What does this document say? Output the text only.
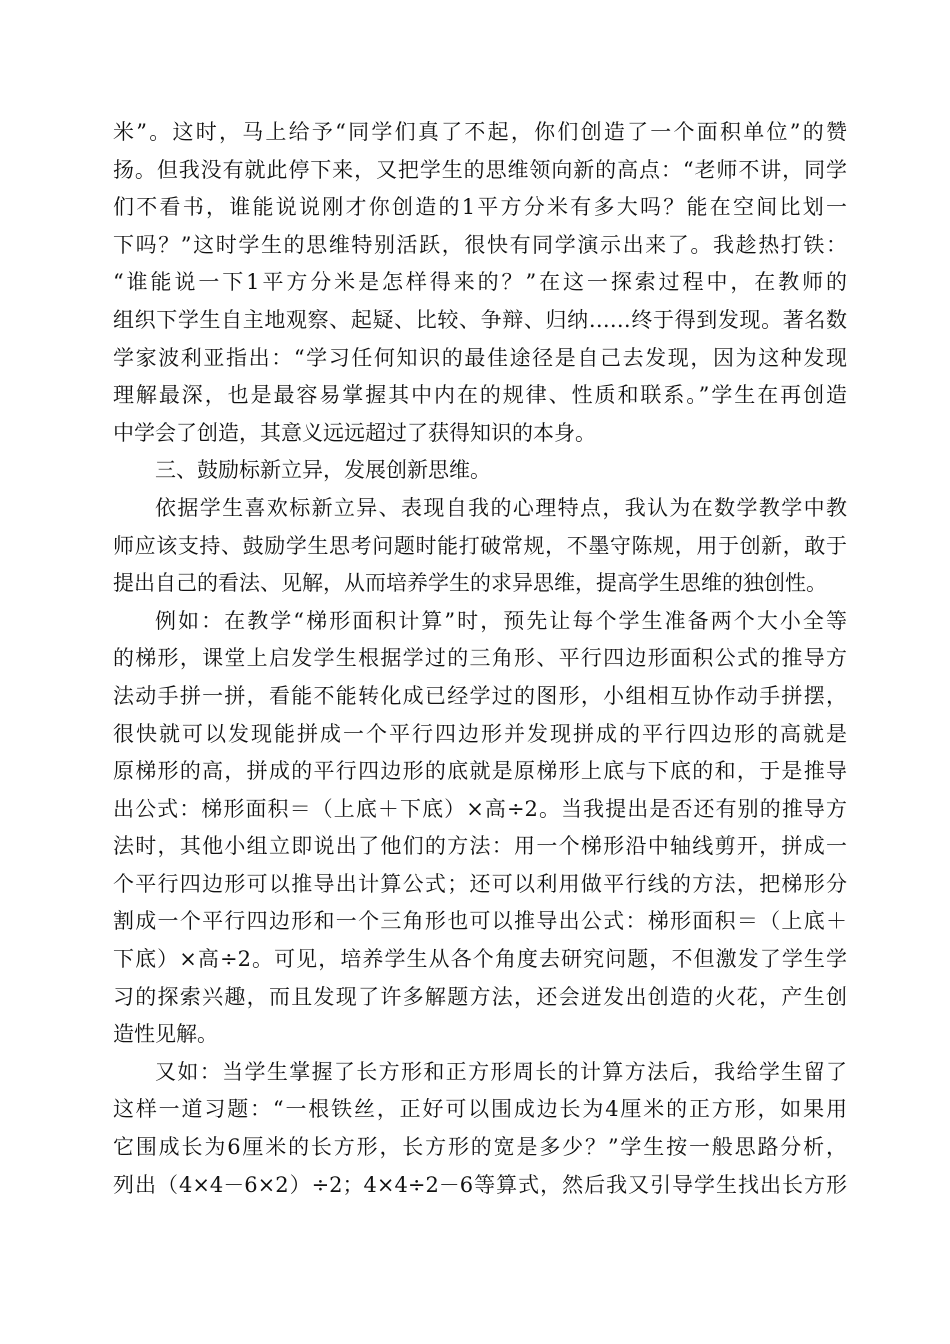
米”。这时，马上给予“同学们真了不起，你们创造了一个面积单位”的赞
扬。但我没有就此停下来，又把学生的思维领向新的高点：“老师不讲，同学
们不看书，谁能说说刚才你创造的1平方分米有多大吗？能在空间比划一
下吗？”这时学生的思维特别活跃，很快有同学演示出来了。我趁热打铁：
“谁能说一下1平方分米是怎样得来的？”在这一探索过程中，在教师的
组织下学生自主地观察、起疑、比较、争辩、归纳……终于得到发现。著名数
学家波利亚指出：“学习任何知识的最佳途径是自己去发现，因为这种发现
理解最深，也是最容易掌握其中内在的规律、性质和联系。”学生在再创造
中学会了创造，其意义远远超过了获得知识的本身。
三、鼓励标新立异，发展创新思维。
依据学生喜欢标新立异、表现自我的心理特点，我认为在数学教学中教
师应该支持、鼓励学生思考问题时能打破常规，不墨守陈规，用于创新，敢于
提出自己的看法、见解，从而培养学生的求异思维，提高学生思维的独创性。
例如：在教学“梯形面积计算”时，预先让每个学生准备两个大小全等
的梯形，课堂上启发学生根据学过的三角形、平行四边形面积公式的推导方
法动手拼一拼，看能不能转化成已经学过的图形，小组相互协作动手拼摆，
很快就可以发现能拼成一个平行四边形并发现拼成的平行四边形的高就是
原梯形的高，拼成的平行四边形的底就是原梯形上底与下底的和，于是推导
出公式：梯形面积＝（上底＋下底）×高÷2。当我提出是否还有别的推导方
法时，其他小组立即说出了他们的方法：用一个梯形沿中轴线剪开，拼成一
个平行四边形可以推导出计算公式；还可以利用做平行线的方法，把梯形分
割成一个平行四边形和一个三角形也可以推导出公式：梯形面积＝（上底＋
下底）×高÷2。可见，培养学生从各个角度去研究问题，不但激发了学生学
习的探索兴趣，而且发现了许多解题方法，还会迸发出创造的火花，产生创
造性见解。
又如：当学生掌握了长方形和正方形周长的计算方法后，我给学生留了
这样一道习题：“一根铁丝，正好可以围成边长为4厘米的正方形，如果用
它围成长为6厘米的长方形，长方形的宽是多少？”学生按一般思路分析，
列出（4×4－6×2）÷2；4×4÷2－6等算式，然后我又引导学生找出长方形
